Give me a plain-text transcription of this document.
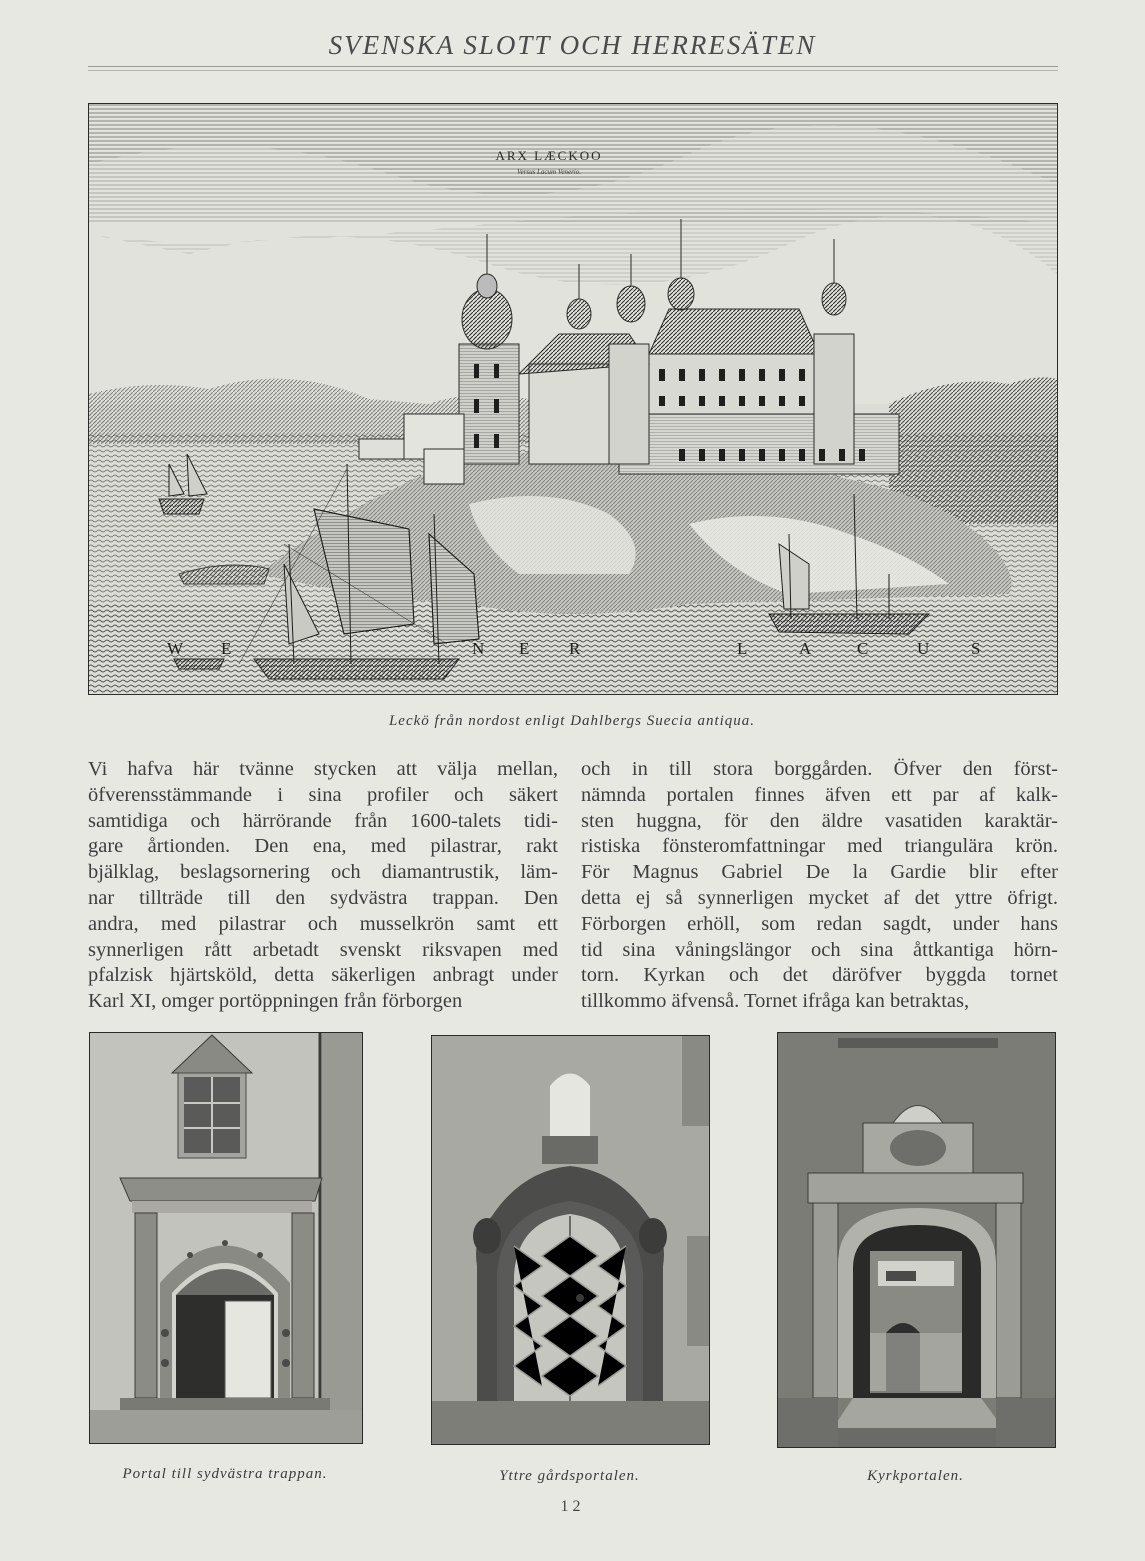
SVENSKA SLOTT OCH HERRESÄTEN
ARX LÆCKOO
Versus Lacum Venerio.
W E	N E R	L	A	C	U S
Leckö från nordost enligt Dahlbergs Suecia antiqua.
Vi hafva här tvänne stycken att välja mellan,
öfverensstämmande i sina profiler och säkert
samtidiga och härrörande från 1600-talets tidi-
gare årtionden. Den ena, med pilastrar, rakt
bjälklag, beslagsornering och diamantrustik, läm-
nar tillträde till den sydvästra trappan. Den
andra, med pilastrar och musselkrön samt ett
synnerligen rått arbetadt svenskt riksvapen med
pfalzisk hjärtsköld, detta säkerligen anbragt under
Karl XI, omger portöppningen från förborgen
och in till stora borggården. Öfver den först-
nämnda portalen finnes äfven ett par af kalk-
sten huggna, för den äldre vasatiden karaktär-
ristiska fönsteromfattningar med triangulära krön.
För Magnus Gabriel De la Gardie blir efter
detta ej så synnerligen mycket af det yttre öfrigt.
Förborgen erhöll, som redan sagdt, under hans
tid sina våningslängor och sina åttkantiga hörn-
torn. Kyrkan och det däröfver byggda tornet
tillkommo äfvenså. Tornet ifråga kan betraktas,
Portal till sydvästra trappan.	Yttre gårdsportalen.	Kyrkportalen.
12
